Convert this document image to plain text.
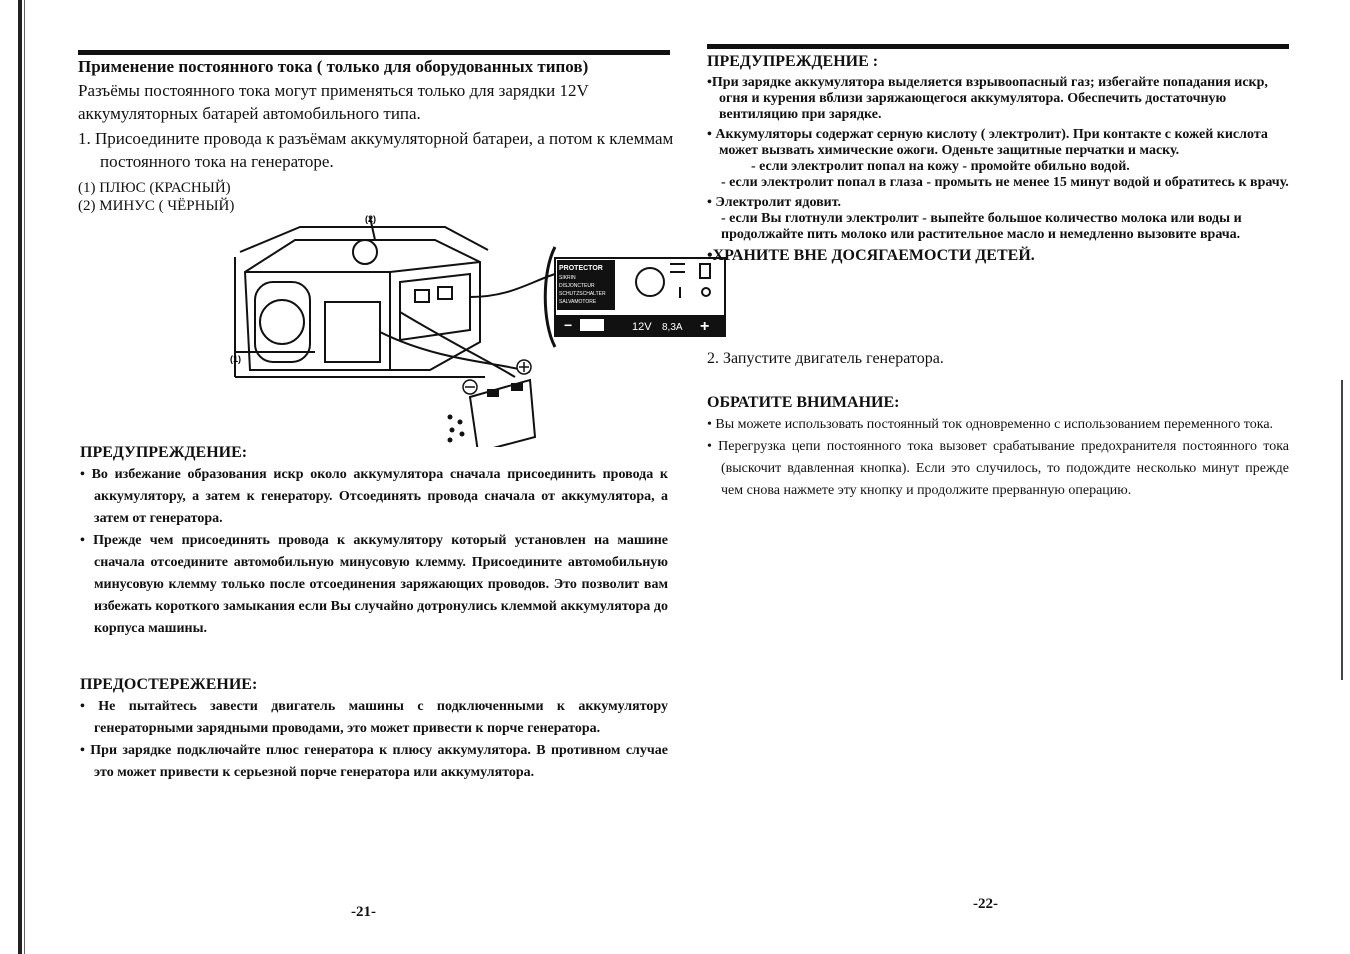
Применение постоянного тока ( только для оборудованных типов)

Разъёмы постоянного тока могут применяться только для зарядки 12V аккумуляторных батарей автомобильного типа.

1. Присоедините провода к разъёмам аккумуляторной батареи, а потом к клеммам постоянного тока на генераторе.

(1) ПЛЮС (КРАСНЫЙ)
(2) МИНУС ( ЧЁРНЫЙ)
(1)
(2)
PROTECTOR
SIKRIN
DISJONCTEUR
SCHUTZSCHALTER
SALVAMOTORE
−	12V 8,3A +
ПРЕДУПРЕЖДЕНИЕ:

• Во избежание образования искр около аккумулятора сначала присоединить провода к аккумулятору, а затем к генератору. Отсоединять провода сначала от аккумулятора, а затем от генератора.

• Прежде чем присоединять провода к аккумулятору который установлен на машине сначала отсоедините автомобильную минусовую клемму. Присоедините автомобильную минусовую клемму только после отсоединения заряжающих проводов. Это позволит вам избежать короткого замыкания если Вы случайно дотронулись клеммой аккумулятора до корпуса машины.

ПРЕДОСТЕРЕЖЕНИЕ:

• Не пытайтесь завести двигатель машины с подключенными к аккумулятору генераторными зарядными проводами, это может привести к порче генератора.

• При зарядке подключайте плюс генератора к плюсу аккумулятора. В противном случае это может привести к серьезной порче генератора или аккумулятора.

-21-
ПРЕДУПРЕЖДЕНИЕ :

•При зарядке аккумулятора выделяется взрывоопасный газ; избегайте попадания искр, огня и курения вблизи заряжающегося аккумулятора. Обеспечить достаточную вентиляцию при зарядке.

• Аккумуляторы содержат серную кислоту ( электролит). При контакте с кожей кислота может вызвать химические ожоги. Оденьте защитные перчатки и маску.

- если электролит попал на кожу - промойте обильно водой.

- если электролит попал в глаза - промыть не менее 15 минут водой и обратитесь к врачу.

• Электролит ядовит.

- если Вы глотнули электролит - выпейте большое количество молока или воды и продолжайте пить молоко или растительное масло и немедленно вызовите врача.

•ХРАНИТЕ ВНЕ ДОСЯГАЕМОСТИ ДЕТЕЙ.

2. Запустите двигатель генератора.

ОБРАТИТЕ ВНИМАНИЕ:

• Вы можете использовать постоянный ток одновременно с использованием переменного тока.

• Перегрузка цепи постоянного тока вызовет срабатывание предохранителя постоянного тока (выскочит вдавленная кнопка). Если это случилось, то подождите несколько минут прежде чем снова нажмете эту кнопку и продолжите прерванную операцию.

-22-
